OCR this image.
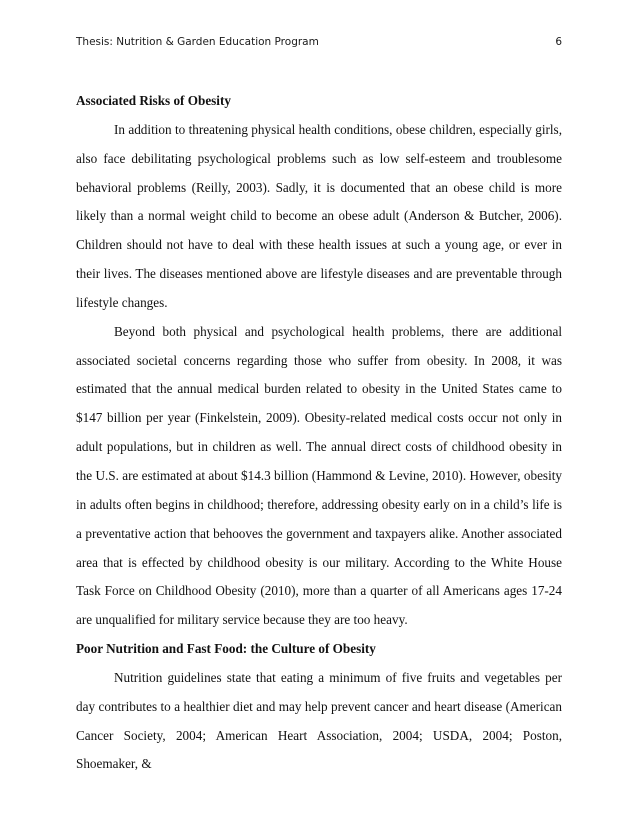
Thesis: Nutrition & Garden Education Program	6
Associated Risks of Obesity

In addition to threatening physical health conditions, obese children, especially girls, also face debilitating psychological problems such as low self-esteem and troublesome behavioral problems (Reilly, 2003). Sadly, it is documented that an obese child is more likely than a normal weight child to become an obese adult (Anderson & Butcher, 2006). Children should not have to deal with these health issues at such a young age, or ever in their lives. The diseases mentioned above are lifestyle diseases and are preventable through lifestyle changes.

Beyond both physical and psychological health problems, there are additional associated societal concerns regarding those who suffer from obesity. In 2008, it was estimated that the annual medical burden related to obesity in the United States came to $147 billion per year (Finkelstein, 2009). Obesity-related medical costs occur not only in adult populations, but in children as well. The annual direct costs of childhood obesity in the U.S. are estimated at about $14.3 billion (Hammond & Levine, 2010). However, obesity in adults often begins in childhood; therefore, addressing obesity early on in a child’s life is a preventative action that behooves the government and taxpayers alike. Another associated area that is effected by childhood obesity is our military. According to the White House Task Force on Childhood Obesity (2010), more than a quarter of all Americans ages 17-24 are unqualified for military service because they are too heavy.

Poor Nutrition and Fast Food: the Culture of Obesity

Nutrition guidelines state that eating a minimum of five fruits and vegetables per day contributes to a healthier diet and may help prevent cancer and heart disease (American Cancer Society, 2004; American Heart Association, 2004; USDA, 2004; Poston, Shoemaker, &
